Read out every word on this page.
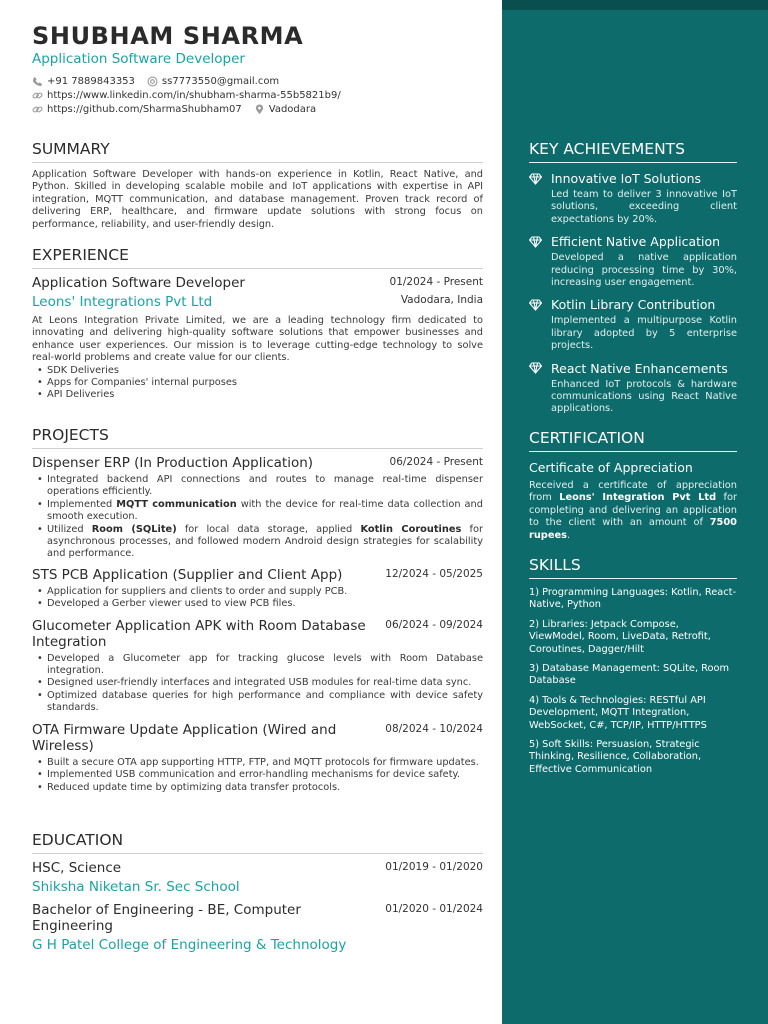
SHUBHAM SHARMA
Application Software Developer
+91 7889843353	ss7773550@gmail.com
https://www.linkedin.com/in/shubham-sharma-55b5821b9/
https://github.com/SharmaShubham07	Vadodara
SUMMARY
Application Software Developer with hands-on experience in Kotlin, React Native, and Python. Skilled in developing scalable mobile and IoT applications with expertise in API integration, MQTT communication, and database management. Proven track record of delivering ERP, healthcare, and firmware update solutions with strong focus on performance, reliability, and user-friendly design.
EXPERIENCE
Application Software Developer	01/2024 - Present
Leons' Integrations Pvt Ltd	Vadodara, India
At Leons Integration Private Limited, we are a leading technology firm dedicated to innovating and delivering high-quality software solutions that empower businesses and enhance user experiences. Our mission is to leverage cutting-edge technology to solve real-world problems and create value for our clients.
• SDK Deliveries
• Apps for Companies' internal purposes
• API Deliveries
PROJECTS
Dispenser ERP (In Production Application)	06/2024 - Present
• Integrated backend API connections and routes to manage real-time dispenser operations efficiently.
• Implemented MQTT communication with the device for real-time data collection and smooth execution.
• Utilized Room (SQLite) for local data storage, applied Kotlin Coroutines for asynchronous processes, and followed modern Android design strategies for scalability and performance.
STS PCB Application (Supplier and Client App)	12/2024 - 05/2025
• Application for suppliers and clients to order and supply PCB.
• Developed a Gerber viewer used to view PCB files.
Glucometer Application APK with Room Database Integration
06/2024 - 09/2024
• Developed a Glucometer app for tracking glucose levels with Room Database integration.
• Designed user-friendly interfaces and integrated USB modules for real-time data sync.
• Optimized database queries for high performance and compliance with device safety standards.
OTA Firmware Update Application (Wired and Wireless)
08/2024 - 10/2024
• Built a secure OTA app supporting HTTP, FTP, and MQTT protocols for firmware updates.
• Implemented USB communication and error-handling mechanisms for device safety.
• Reduced update time by optimizing data transfer protocols.
EDUCATION
HSC, Science	01/2019 - 01/2020
Shiksha Niketan Sr. Sec School
Bachelor of Engineering - BE, Computer Engineering
01/2020 - 01/2024
G H Patel College of Engineering & Technology
KEY ACHIEVEMENTS
Innovative IoT Solutions
Led team to deliver 3 innovative IoT solutions, exceeding client expectations by 20%.
Efficient Native Application
Developed a native application reducing processing time by 30%, increasing user engagement.
Kotlin Library Contribution
Implemented a multipurpose Kotlin library adopted by 5 enterprise projects.
React Native Enhancements
Enhanced IoT protocols & hardware communications using React Native applications.
CERTIFICATION
Certificate of Appreciation
Received a certificate of appreciation from Leons' Integration Pvt Ltd for completing and delivering an application to the client with an amount of 7500 rupees.
SKILLS
1) Programming Languages: Kotlin, React-Native, Python
2) Libraries: Jetpack Compose, ViewModel, Room, LiveData, Retrofit, Coroutines, Dagger/Hilt
3) Database Management: SQLite, Room Database
4) Tools & Technologies: RESTful API Development, MQTT Integration, WebSocket, C#, TCP/IP, HTTP/HTTPS
5) Soft Skills: Persuasion, Strategic Thinking, Resilience, Collaboration, Effective Communication
